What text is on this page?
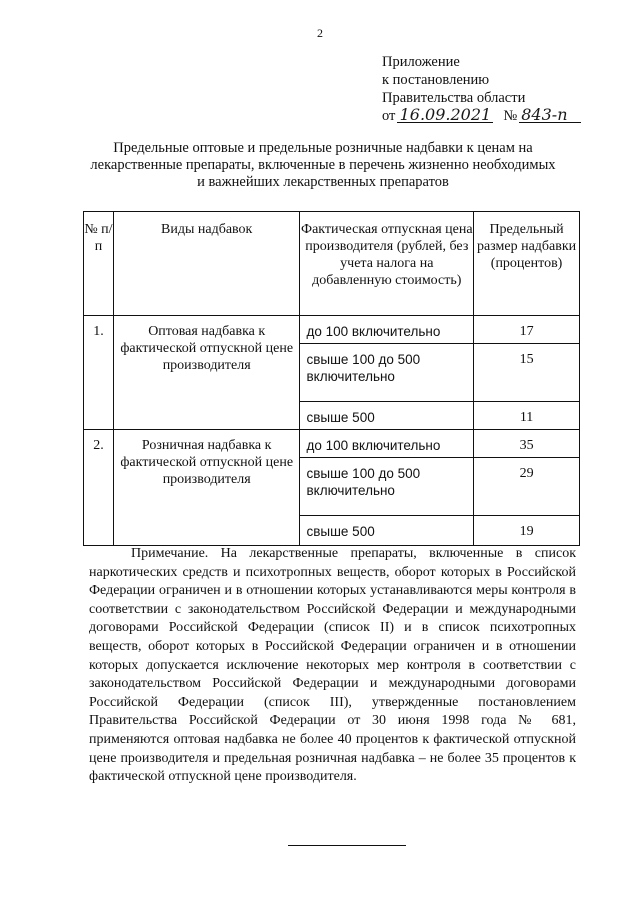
2
Приложение
к постановлению
Правительства области
от 16.09.2021 № 843-п
Предельные оптовые и предельные розничные надбавки к ценам на лекарственные препараты, включенные в перечень жизненно необходимых и важнейших лекарственных препаратов
№ п/п	Виды надбавок	Фактическая отпускная цена производителя (рублей, без учета налога на добавленную стоимость)	Предельный размер надбавки (процентов)
1.	Оптовая надбавка к фактической отпускной цене производителя	до 100 включительно	17
		свыше 100 до 500 включительно	15
		свыше 500	11
2.	Розничная надбавка к фактической отпускной цене производителя	до 100 включительно	35
		свыше 100 до 500 включительно	29
		свыше 500	19

Примечание. На лекарственные препараты, включенные в список наркотических средств и психотропных веществ, оборот которых в Российской Федерации ограничен и в отношении которых устанавливаются меры контроля в соответствии с законодательством Российской Федерации и международными договорами Российской Федерации (список II) и в список психотропных веществ, оборот которых в Российской Федерации ограничен и в отношении которых допускается исключение некоторых мер контроля в соответствии с законодательством Российской Федерации и международными договорами Российской Федерации (список III), утвержденные постановлением Правительства Российской Федерации от 30 июня 1998 года № 681, применяются оптовая надбавка не более 40 процентов к фактической отпускной цене производителя и предельная розничная надбавка – не более 35 процентов к фактической отпускной цене производителя.
